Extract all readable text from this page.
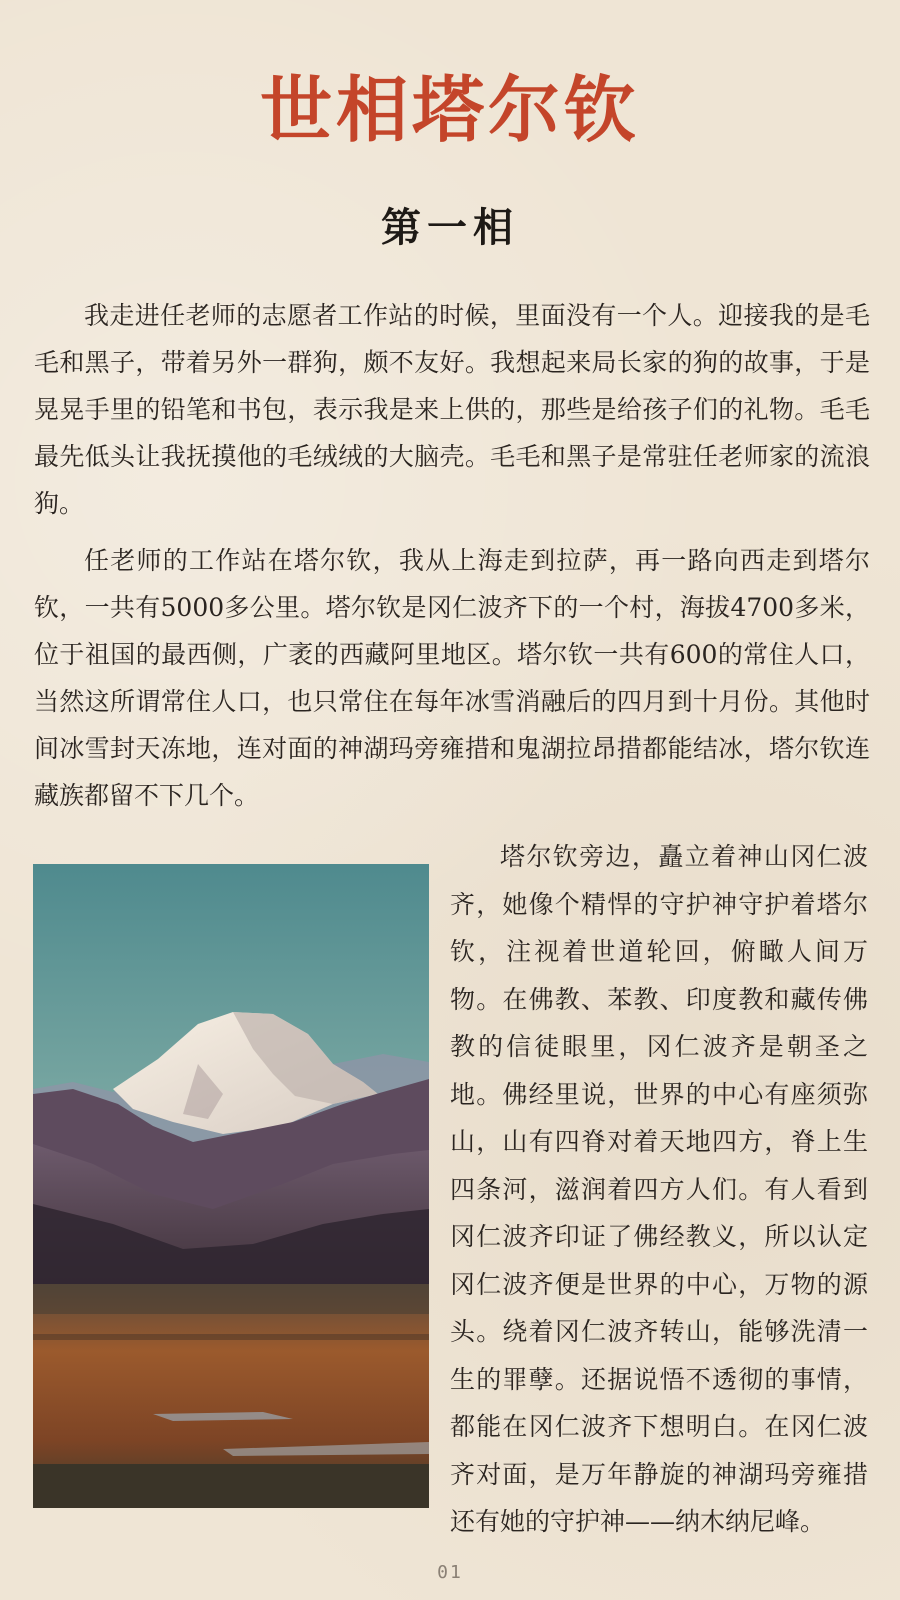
世相塔尔钦
第一相

我走进任老师的志愿者工作站的时候，里面没有一个人。迎接我的是毛毛和黑子，带着另外一群狗，颇不友好。我想起来局长家的狗的故事，于是晃晃手里的铅笔和书包，表示我是来上供的，那些是给孩子们的礼物。毛毛最先低头让我抚摸他的毛绒绒的大脑壳。毛毛和黑子是常驻任老师家的流浪狗。

任老师的工作站在塔尔钦，我从上海走到拉萨，再一路向西走到塔尔钦，一共有5000多公里。塔尔钦是冈仁波齐下的一个村，海拔4700多米，位于祖国的最西侧，广袤的西藏阿里地区。塔尔钦一共有600的常住人口，当然这所谓常住人口，也只常住在每年冰雪消融后的四月到十月份。其他时间冰雪封天冻地，连对面的神湖玛旁雍措和鬼湖拉昂措都能结冰，塔尔钦连藏族都留不下几个。

塔尔钦旁边，矗立着神山冈仁波齐，她像个精悍的守护神守护着塔尔钦，注视着世道轮回，俯瞰人间万物。在佛教、苯教、印度教和藏传佛教的信徒眼里，冈仁波齐是朝圣之地。佛经里说，世界的中心有座须弥山，山有四脊对着天地四方，脊上生四条河，滋润着四方人们。有人看到冈仁波齐印证了佛经教义，所以认定冈仁波齐便是世界的中心，万物的源头。绕着冈仁波齐转山，能够洗清一生的罪孽。还据说悟不透彻的事情，都能在冈仁波齐下想明白。在冈仁波齐对面，是万年静旋的神湖玛旁雍措还有她的守护神——纳木纳尼峰。

01
